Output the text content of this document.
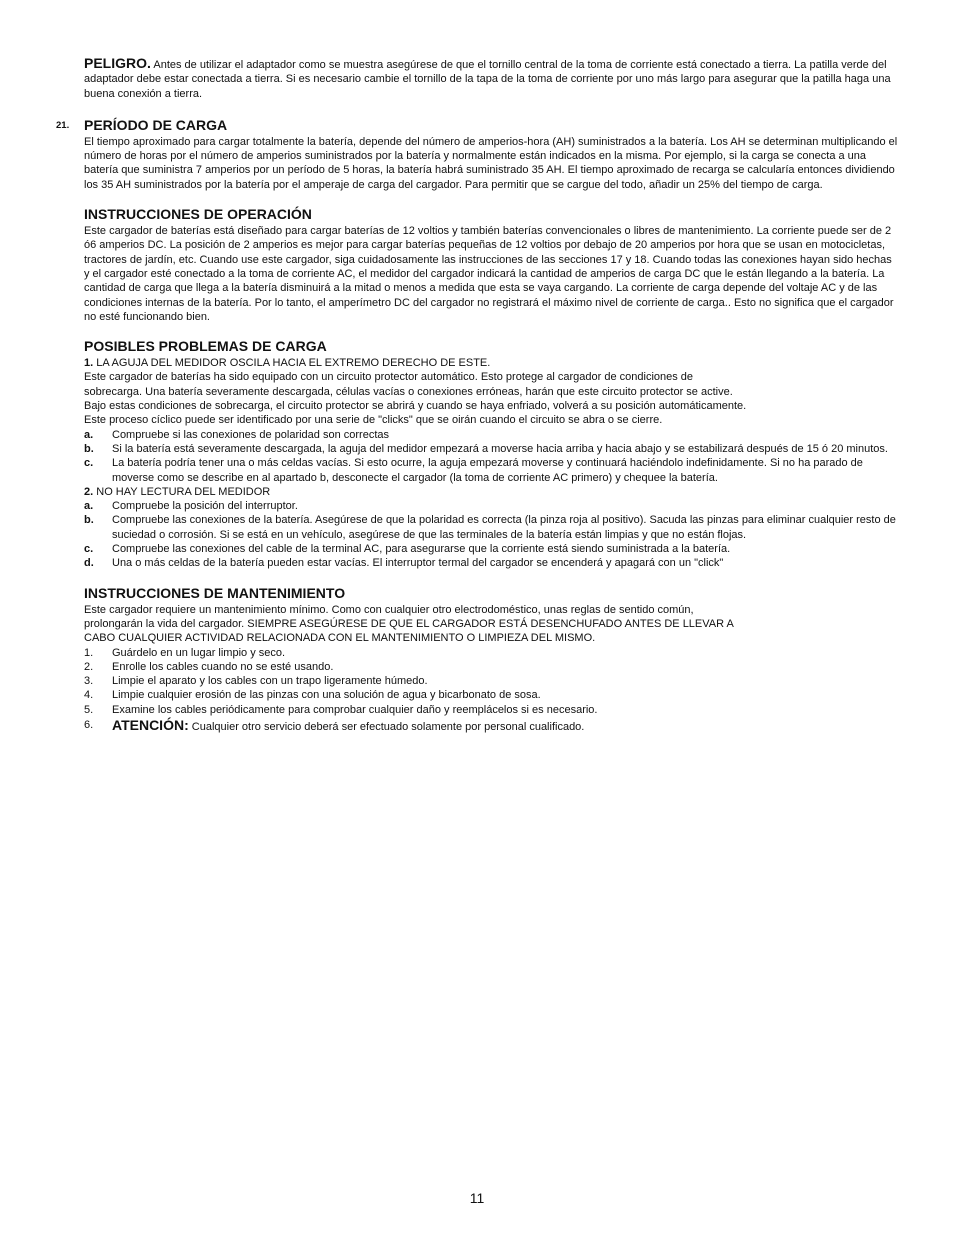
PELIGRO. Antes de utilizar el adaptador como se muestra asegúrese de que el tornillo central de la toma de corriente está conectado a tierra. La patilla verde del adaptador debe estar conectada a tierra. Si es necesario cambie el tornillo de la tapa de la toma de corriente por uno más largo para asegurar que la patilla haga una buena conexión a tierra.

21. PERÍODO DE CARGA

El tiempo aproximado para cargar totalmente la batería, depende del número de amperios-hora (AH) suministrados a la batería. Los AH se determinan multiplicando el número de horas por el número de amperios suministrados por la batería y normalmente están indicados en la misma. Por ejemplo, si la carga se conecta a una batería que suministra 7 amperios por un período de 5 horas, la batería habrá suministrado 35 AH. El tiempo aproximado de recarga se calcularía entonces dividiendo los 35 AH suministrados por la batería por el amperaje de carga del cargador. Para permitir que se cargue del todo, añadir un 25% del tiempo de carga.

INSTRUCCIONES DE OPERACIÓN

Este cargador de baterías está diseñado para cargar baterías de 12 voltios y también baterías convencionales o libres de mantenimiento. La corriente puede ser de 2 ó6 amperios DC. La posición de 2 amperios es mejor para cargar baterías pequeñas de 12 voltios por debajo de 20 amperios por hora que se usan en motocicletas, tractores de jardín, etc. Cuando use este cargador, siga cuidadosamente las instrucciones de las secciones 17 y 18. Cuando todas las conexiones hayan sido hechas y el cargador esté conectado a la toma de corriente AC, el medidor del cargador indicará la cantidad de amperios de carga DC que le están llegando a la batería. La cantidad de carga que llega a la batería disminuirá a la mitad o menos a medida que esta se vaya cargando. La corriente de carga depende del voltaje AC y de las condiciones internas de la batería. Por lo tanto, el amperímetro DC del cargador no registrará el máximo nivel de corriente de carga.. Esto no significa que el cargador no esté funcionando bien.

POSIBLES PROBLEMAS DE CARGA
1. LA AGUJA DEL MEDIDOR OSCILA HACIA EL EXTREMO DERECHO DE ESTE.
Este cargador de baterías ha sido equipado con un circuito protector automático. Esto protege al cargador de condiciones de
sobrecarga. Una batería severamente descargada, células vacías o conexiones erróneas, harán que este circuito protector se active.
Bajo estas condiciones de sobrecarga, el circuito protector se abrirá y cuando se haya enfriado, volverá a su posición automáticamente.
Este proceso cíclico puede ser identificado por una serie de "clicks" que se oirán cuando el circuito se abra o se cierre.
a.	Compruebe si las conexiones de polaridad son correctas
b.	Si la batería está severamente descargada, la aguja del medidor empezará a moverse hacia arriba y hacia abajo y se estabilizará después de 15 ó 20 minutos.
c.	La batería podría tener una o más celdas vacías. Si esto ocurre, la aguja empezará moverse y continuará haciéndolo indefinidamente. Si no ha parado de moverse como se describe en al apartado b, desconecte el cargador (la toma de corriente AC primero) y chequee la batería.
2. NO HAY LECTURA DEL MEDIDOR
a.	Compruebe la posición del interruptor.
b.	Compruebe las conexiones de la batería. Asegúrese de que la polaridad es correcta (la pinza roja al positivo). Sacuda las pinzas para eliminar cualquier resto de suciedad o corrosión. Si se está en un vehículo, asegúrese de que las terminales de la batería están limpias y que no están flojas.
c.	Compruebe las conexiones del cable de la terminal AC, para asegurarse que la corriente está siendo suministrada a la batería.
d.	Una o más celdas de la batería pueden estar vacías. El interruptor termal del cargador se encenderá y apagará con un "click"
INSTRUCCIONES DE MANTENIMIENTO
Este cargador requiere un mantenimiento mínimo. Como con cualquier otro electrodoméstico, unas reglas de sentido común,
prolongarán la vida del cargador. SIEMPRE ASEGÚRESE DE QUE EL CARGADOR ESTÁ DESENCHUFADO ANTES DE LLEVAR A
CABO CUALQUIER ACTIVIDAD RELACIONADA CON EL MANTENIMIENTO O LIMPIEZA DEL MISMO.
1.	Guárdelo en un lugar limpio y seco.
2.	Enrolle los cables cuando no se esté usando.
3.	Limpie el aparato y los cables con un trapo ligeramente húmedo.
4.	Limpie cualquier erosión de las pinzas con una solución de agua y bicarbonato de sosa.
5.	Examine los cables periódicamente para comprobar cualquier daño y reemplácelos si es necesario.
6.	ATENCIÓN: Cualquier otro servicio deberá ser efectuado solamente por personal cualificado.
11
